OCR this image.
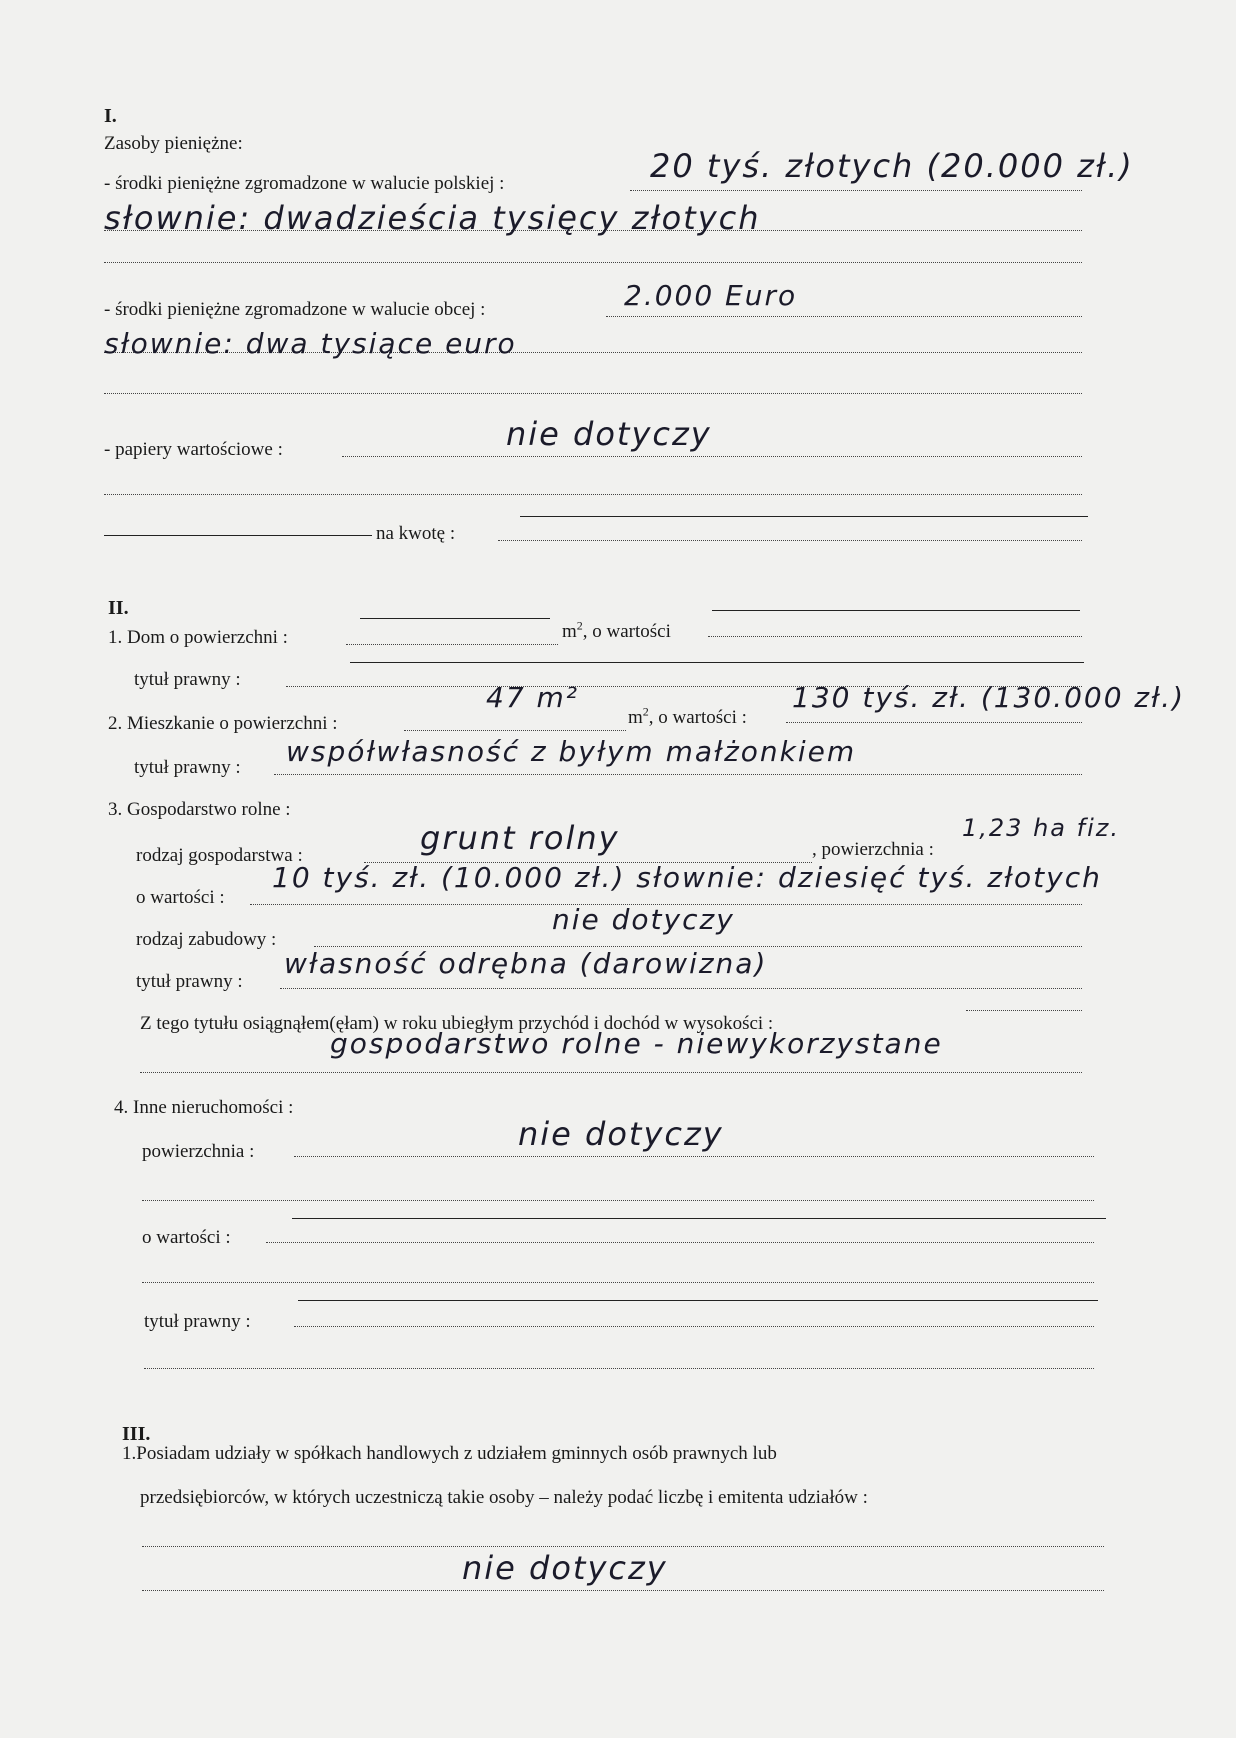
I.
Zasoby pieniężne:
- środki pieniężne zgromadzone w walucie polskiej :	20 tyś. złotych (20.000 zł.)
słownie: dwadzieścia tysięcy złotych
- środki pieniężne zgromadzone w walucie obcej :	2.000 Euro
słownie: dwa tysiące euro
- papiery wartościowe :	nie dotyczy
na kwotę :
II.
1. Dom o powierzchni :	$m^2$, o wartości
tytuł prawny :
2. Mieszkanie o powierzchni :
47 m²
$m^2$, o wartości :
130 tyś. zł. (130.000 zł.)
tytuł prawny : współwłasność z byłym małżonkiem
3. Gospodarstwo rolne :
rodzaj gospodarstwa :	grunt rolny	, powierzchnia :
1,23 ha fiz.
o wartości :
10 tyś. zł. (10.000 zł.) słownie: dziesięć tyś. złotych
rodzaj zabudowy :
nie dotyczy
tytuł prawny :
własność odrębna (darowizna)
Z tego tytułu osiągnąłem(ęłam) w roku ubiegłym przychód i dochód w wysokości :
gospodarstwo rolne - niewykorzystane
4. Inne nieruchomości :
powierzchnia :	nie dotyczy
o wartości :
tytuł prawny :
III.
1.Posiadam udziały w spółkach handlowych z udziałem gminnych osób prawnych lub
przedsiębiorców, w których uczestniczą takie osoby – należy podać liczbę i emitenta udziałów :
nie dotyczy
